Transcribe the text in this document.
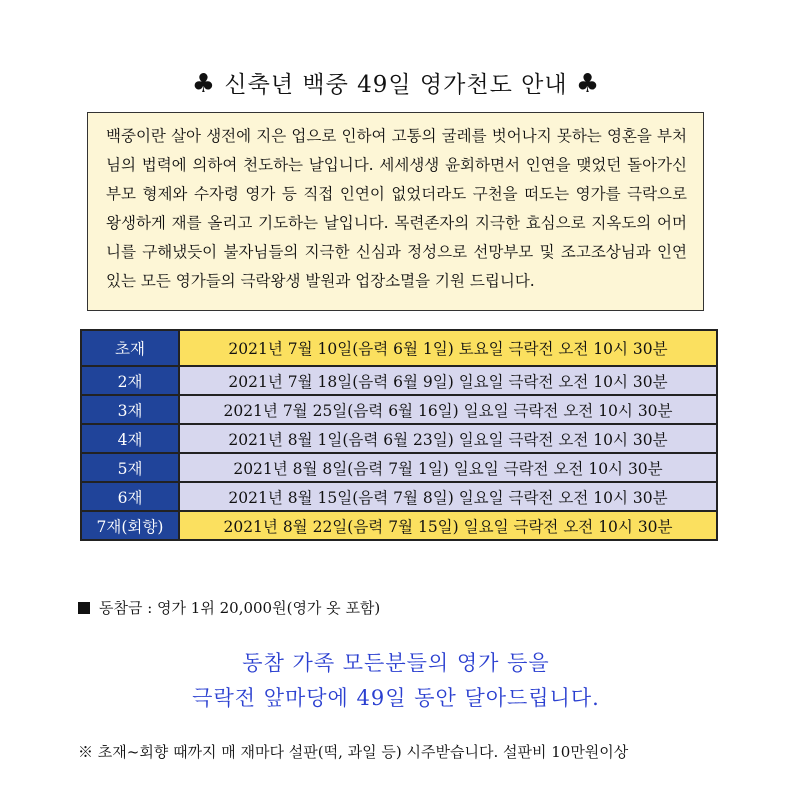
♣ 신축년 백중 49일 영가천도 안내 ♣
백중이란 살아 생전에 지은 업으로 인하여 고통의 굴레를 벗어나지 못하는 영혼을 부처님의 법력에 의하여 천도하는 날입니다. 세세생생 윤회하면서 인연을 맺었던 돌아가신 부모 형제와 수자령 영가 등 직접 인연이 없었더라도 구천을 떠도는 영가를 극락으로 왕생하게 재를 올리고 기도하는 날입니다. 목련존자의 지극한 효심으로 지옥도의 어머니를 구해냈듯이 불자님들의 지극한 신심과 정성으로 선망부모 및 조고조상님과 인연 있는 모든 영가들의 극락왕생 발원과 업장소멸을 기원 드립니다.
초재	2021년 7월 10일(음력 6월 1일) 토요일 극락전 오전 10시 30분
2재	2021년 7월 18일(음력 6월 9일) 일요일 극락전 오전 10시 30분
3재	2021년 7월 25일(음력 6월 16일) 일요일 극락전 오전 10시 30분
4재	2021년 8월 1일(음력 6월 23일) 일요일 극락전 오전 10시 30분
5재	2021년 8월 8일(음력 7월 1일) 일요일 극락전 오전 10시 30분
6재	2021년 8월 15일(음력 7월 8일) 일요일 극락전 오전 10시 30분
7재(회향)	2021년 8월 22일(음력 7월 15일) 일요일 극락전 오전 10시 30분
동참금 : 영가 1위 20,000원(영가 옷 포함)
동참 가족 모든분들의 영가 등을
극락전 앞마당에 49일 동안 달아드립니다.
※ 초재~회향 때까지 매 재마다 설판(떡, 과일 등) 시주받습니다. 설판비 10만원이상
